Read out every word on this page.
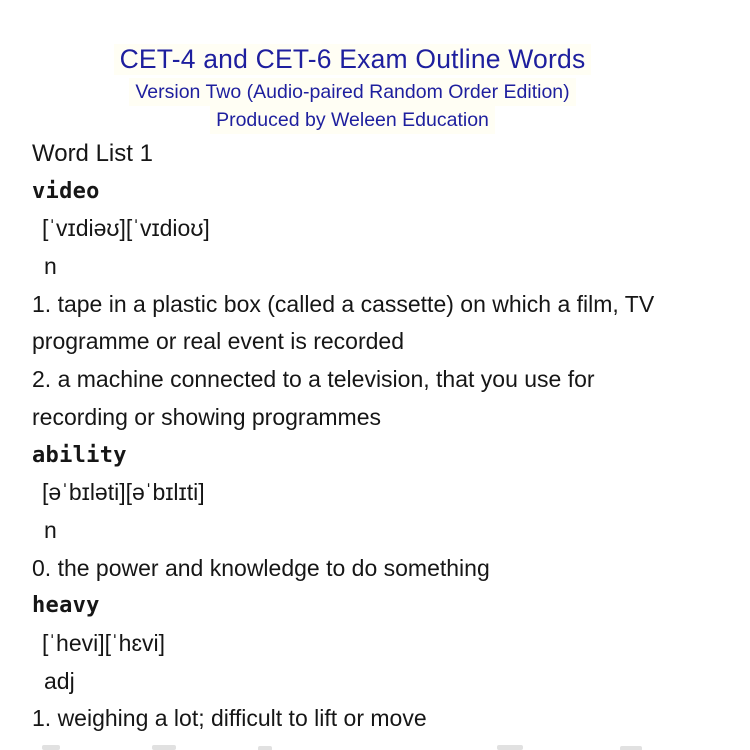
CET-4 and CET-6 Exam Outline Words
Version Two (Audio-paired Random Order Edition)
Produced by Weleen Education
Word List 1
video
[ˈvɪdiəʊ][ˈvɪdioʊ]
n
1. tape in a plastic box (called a cassette) on which a film, TV
programme or real event is recorded
2. a machine connected to a television, that you use for
recording or showing programmes
ability
[əˈbɪləti][əˈbɪlɪti]
n
0. the power and knowledge to do something
heavy
[ˈhevi][ˈhɛvi]
adj
1. weighing a lot; difficult to lift or move
